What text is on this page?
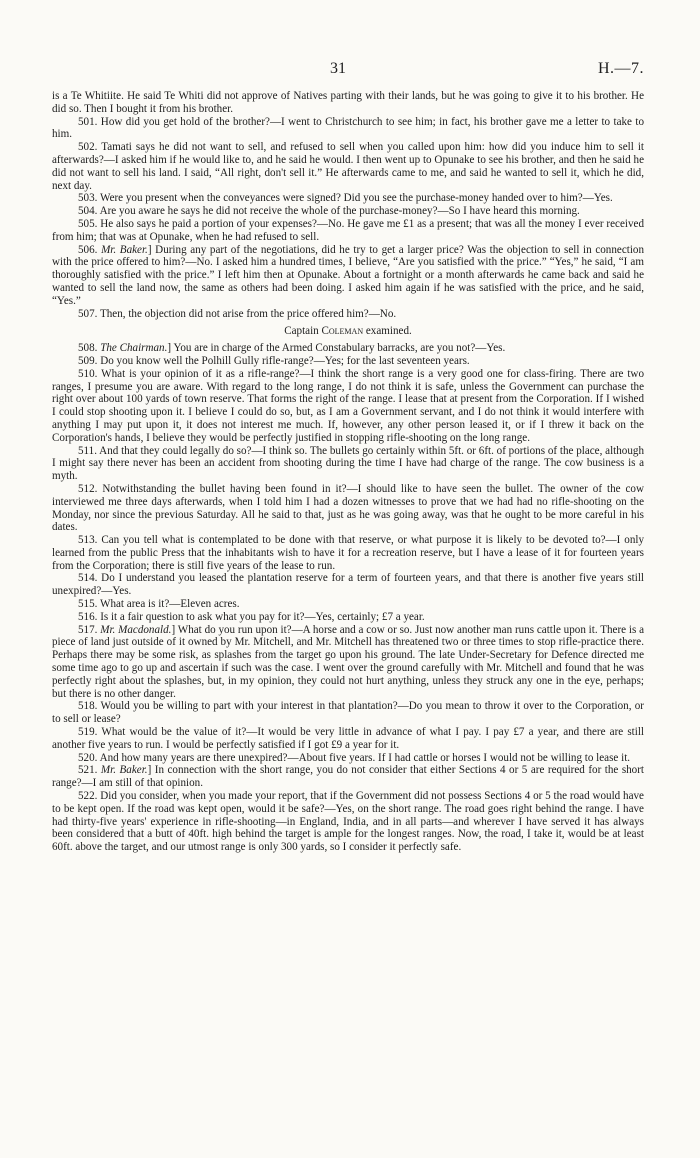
31	H.—7.

is a Te Whitiite. He said Te Whiti did not approve of Natives parting with their lands, but he was going to give it to his brother. He did so. Then I bought it from his brother.

501. How did you get hold of the brother?—I went to Christchurch to see him; in fact, his brother gave me a letter to take to him.

502. Tamati says he did not want to sell, and refused to sell when you called upon him: how did you induce him to sell it afterwards?—I asked him if he would like to, and he said he would. I then went up to Opunake to see his brother, and then he said he did not want to sell his land. I said, “All right, don't sell it.” He afterwards came to me, and said he wanted to sell it, which he did, next day.

503. Were you present when the conveyances were signed? Did you see the purchase-money handed over to him?—Yes.

504. Are you aware he says he did not receive the whole of the purchase-money?—So I have heard this morning.

505. He also says he paid a portion of your expenses?—No. He gave me £1 as a present; that was all the money I ever received from him; that was at Opunake, when he had refused to sell.

506. Mr. Baker.] During any part of the negotiations, did he try to get a larger price? Was the objection to sell in connection with the price offered to him?—No. I asked him a hundred times, I believe, “Are you satisfied with the price.” “Yes,” he said, “I am thoroughly satisfied with the price.” I left him then at Opunake. About a fortnight or a month afterwards he came back and said he wanted to sell the land now, the same as others had been doing. I asked him again if he was satisfied with the price, and he said, “Yes.”

507. Then, the objection did not arise from the price offered him?—No.

Captain Coleman examined.

508. The Chairman.] You are in charge of the Armed Constabulary barracks, are you not?—Yes.

509. Do you know well the Polhill Gully rifle-range?—Yes; for the last seventeen years.

510. What is your opinion of it as a rifle-range?—I think the short range is a very good one for class-firing. There are two ranges, I presume you are aware. With regard to the long range, I do not think it is safe, unless the Government can purchase the right over about 100 yards of town reserve. That forms the right of the range. I lease that at present from the Corporation. If I wished I could stop shooting upon it. I believe I could do so, but, as I am a Government servant, and I do not think it would interfere with anything I may put upon it, it does not interest me much. If, however, any other person leased it, or if I threw it back on the Corporation's hands, I believe they would be perfectly justified in stopping rifle-shooting on the long range.

511. And that they could legally do so?—I think so. The bullets go certainly within 5ft. or 6ft. of portions of the place, although I might say there never has been an accident from shooting during the time I have had charge of the range. The cow business is a myth.

512. Notwithstanding the bullet having been found in it?—I should like to have seen the bullet. The owner of the cow interviewed me three days afterwards, when I told him I had a dozen witnesses to prove that we had had no rifle-shooting on the Monday, nor since the previous Saturday. All he said to that, just as he was going away, was that he ought to be more careful in his dates.

513. Can you tell what is contemplated to be done with that reserve, or what purpose it is likely to be devoted to?—I only learned from the public Press that the inhabitants wish to have it for a recreation reserve, but I have a lease of it for fourteen years from the Corporation; there is still five years of the lease to run.

514. Do I understand you leased the plantation reserve for a term of fourteen years, and that there is another five years still unexpired?—Yes.

515. What area is it?—Eleven acres.

516. Is it a fair question to ask what you pay for it?—Yes, certainly; £7 a year.

517. Mr. Macdonald.] What do you run upon it?—A horse and a cow or so. Just now another man runs cattle upon it. There is a piece of land just outside of it owned by Mr. Mitchell, and Mr. Mitchell has threatened two or three times to stop rifle-practice there. Perhaps there may be some risk, as splashes from the target go upon his ground. The late Under-Secretary for Defence directed me some time ago to go up and ascertain if such was the case. I went over the ground carefully with Mr. Mitchell and found that he was perfectly right about the splashes, but, in my opinion, they could not hurt anything, unless they struck any one in the eye, perhaps; but there is no other danger.

518. Would you be willing to part with your interest in that plantation?—Do you mean to throw it over to the Corporation, or to sell or lease?

519. What would be the value of it?—It would be very little in advance of what I pay. I pay £7 a year, and there are still another five years to run. I would be perfectly satisfied if I got £9 a year for it.

520. And how many years are there unexpired?—About five years. If I had cattle or horses I would not be willing to lease it.

521. Mr. Baker.] In connection with the short range, you do not consider that either Sections 4 or 5 are required for the short range?—I am still of that opinion.

522. Did you consider, when you made your report, that if the Government did not possess Sections 4 or 5 the road would have to be kept open. If the road was kept open, would it be safe?—Yes, on the short range. The road goes right behind the range. I have had thirty-five years' experience in rifle-shooting—in England, India, and in all parts—and wherever I have served it has always been considered that a butt of 40ft. high behind the target is ample for the longest ranges. Now, the road, I take it, would be at least 60ft. above the target, and our utmost range is only 300 yards, so I consider it perfectly safe.
